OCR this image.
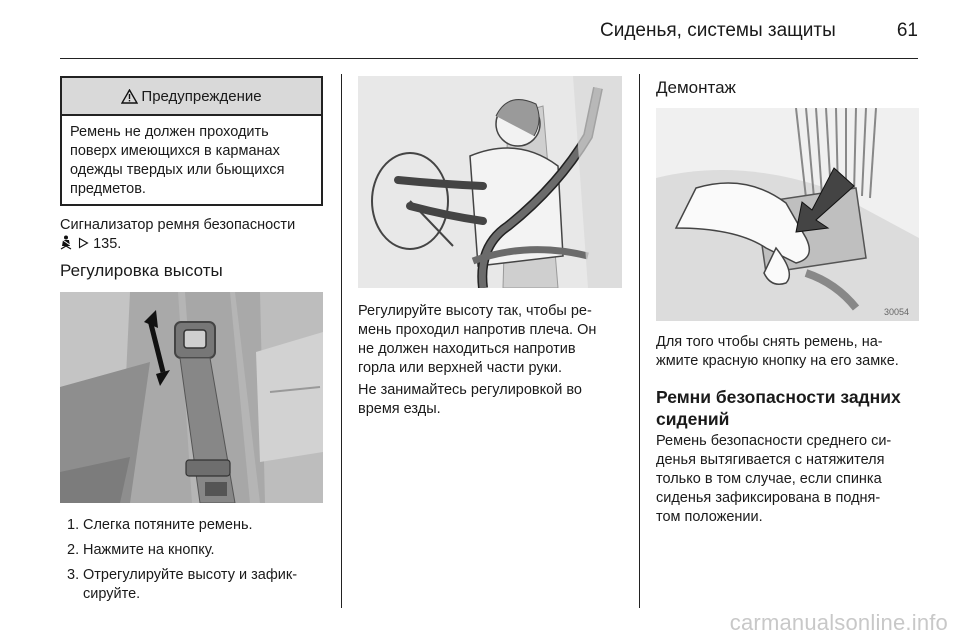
Сиденья, системы защиты	61
Предупреждение
Ремень не должен проходить
поверх имеющихся в карманах
одежды твердых или бьющихся
предметов.
Сигнализатор ремня безопасности
135.
Регулировка высоты
1. Слегка потяните ремень.
2. Нажмите на кнопку.
3. Отрегулируйте высоту и зафик-сируйте.
Регулируйте высоту так, чтобы ре-
мень проходил напротив плеча. Он
не должен находиться напротив
горла или верхней части руки.
Не занимайтесь регулировкой во
время езды.
Демонтаж
30054
Для того чтобы снять ремень, на-
жмите красную кнопку на его замке.
Ремни безопасности задних
сидений
Ремень безопасности среднего си-
денья вытягивается с натяжителя
только в том случае, если спинка
сиденья зафиксирована в подня-
том положении.
carmanualsonline.info
